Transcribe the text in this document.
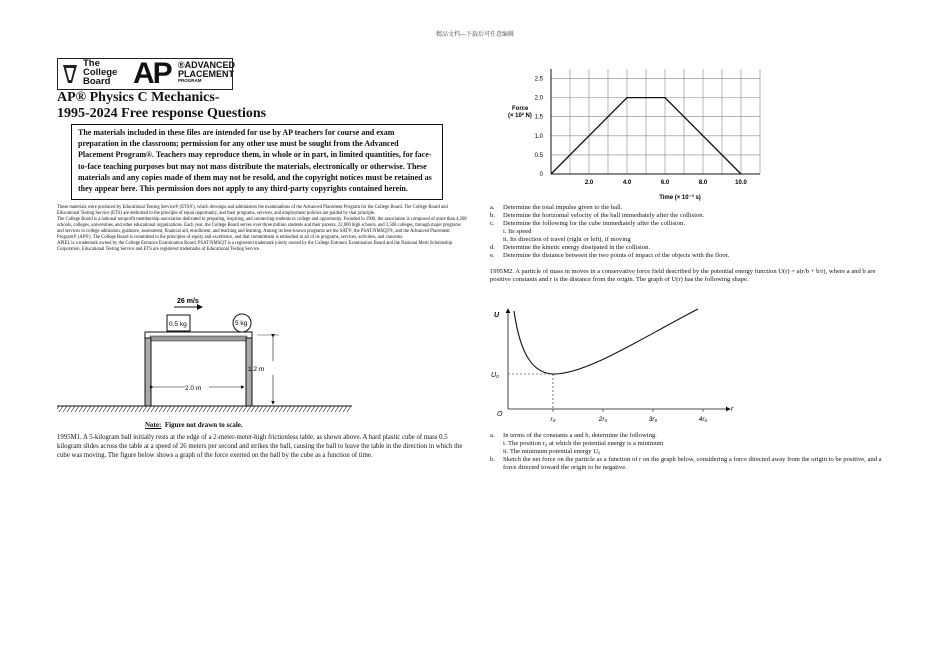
精品文档---下载后可任意编辑
The
College
Board AP ®ADVANCED
PLACEMENT
PROGRAM
AP® Physics C Mechanics-
1995-2024 Free response Questions
The materials included in these files are intended for use by AP teachers for course and exam preparation in the classroom; permission for any other use must be sought from the Advanced Placement Program®. Teachers may reproduce them, in whole or in part, in limited quantities, for face-to-face teaching purposes but may not mass distribute the materials, electronically or otherwise. These materials and any copies made of them may not be resold, and the copyright notices must be retained as they appear here. This permission does not apply to any third-party copyrights contained herein.

These materials were produced by Educational Testing Service® (ETS®), which develops and administers the examinations of the Advanced Placement Program for the College Board. The College Board and Educational Testing Service (ETS) are dedicated to the principle of equal opportunity, and their programs, services, and employment policies are guided by that principle.

The College Board is a national nonprofit membership association dedicated to preparing, inspiring, and connecting students to college and opportunity. Founded in 1900, the association is composed of more than 4,200 schools, colleges, universities, and other educational organizations. Each year, the College Board serves over three million students and their parents, 22,000 high schools, and 3,500 colleges, through major programs and services in college admission, guidance, assessment, financial aid, enrollment, and teaching and learning. Among its best-known programs are the SAT®, the PSAT/NMSQT®, and the Advanced Placement Program® (AP®). The College Board is committed to the principles of equity and excellence, and that commitment is embodied in all of its programs, services, activities, and concerns.

APIEL is a trademark owned by the College Entrance Examination Board. PSAT/NMSQT is a registered trademark jointly owned by the College Entrance Examination Board and the National Merit Scholarship Corporation. Educational Testing Service and ETS are registered trademarks of Educational Testing Service.

26 m/s
0.5 kg	5 kg
2.0 m
1.2 m
Note: Figure not drawn to scale.
1995M1. A 5-kilogram ball initially rests at the edge of a 2-meter-meter-high frictionless table, as shown above. A hard plastic cube of mass 0.5 kilogram slides across the table at a speed of 26 meters per second and strikes the ball, causing the ball to leave the table in the direction in which the cube was moving. The figure below shows a graph of the force exerted on the ball by the cube as a function of time.
Force
(× 10² N)
0
0.5
1.0
1.5
2.0
2.5
2.0	4.0	6.0	8.0	10.0
Time (× 10⁻³ s)
a.	Determine the total impulse given to the ball.
b.	Determine the horizontal velocity of the ball immediately after the collision.
c.	Determine the following for the cube immediately after the collision.
i. Its speed
ii. Its direction of travel (right or left), if moving
d.	Determine the kinetic energy dissipated in the collision.
e.	Determine the distance between the two points of impact of the objects with the floor.
1995M2. A particle of mass m moves in a conservative force field described by the potential energy function U(r) = a(r/b + b/r), where a and b are positive constants and r is the distance from the origin. The graph of U(r) has the following shape.
U
r
O
U₀
r₀	2r₀	3r₀	4r₀
a.	In terms of the constants a and b, determine the following.
i. The position r₀ at which the potential energy is a minimum
ii. The minimum potential energy U₀
b.	Sketch the net force on the particle as a function of r on the graph below, considering a force directed away from the origin to be positive, and a force directed toward the origin to be negative.
